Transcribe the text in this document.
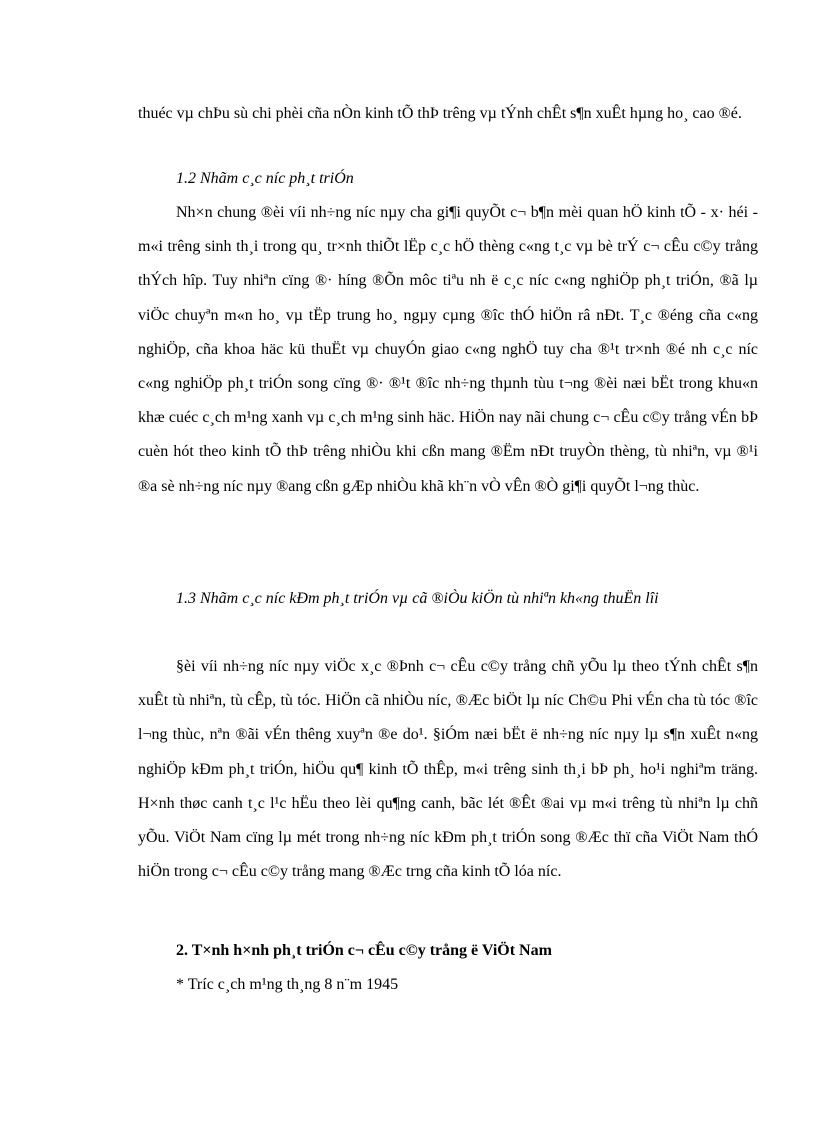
thuéc vµ chÞu sù chi phèi cña nÒn kinh tÕ thÞ trêng vµ tÝnh chÊt s¶n xuÊt hµng ho¸ cao ®é.

1.2 Nhãm c¸c níc ph¸t triÓn

Nh×n chung ®èi víi nh÷ng níc nµy cha gi¶i quyÕt c¬ b¶n mèi quan hÖ kinh tÕ - x· héi - m«i trêng sinh th¸i trong qu¸ tr×nh thiÕt lËp c¸c hÖ thèng c«ng t¸c vµ bè trÝ c¬ cÊu c©y trång thÝch hîp. Tuy nhiªn cïng ®· híng ®Õn môc tiªu nh ë c¸c níc c«ng nghiÖp ph¸t triÓn, ®ã lµ viÖc chuyªn m«n ho¸ vµ tËp trung ho¸ ngµy cµng ®îc thÓ hiÖn râ nÐt. T¸c ®éng cña c«ng nghiÖp, cña khoa häc kü thuËt vµ chuyÓn giao c«ng nghÖ tuy cha ®¹t tr×nh ®é nh c¸c níc c«ng nghiÖp ph¸t triÓn song cïng ®· ®¹t ®îc nh÷ng thµnh tùu t¬ng ®èi næi bËt trong khu«n khæ cuéc c¸ch m¹ng xanh vµ c¸ch m¹ng sinh häc. HiÖn nay nãi chung c¬ cÊu c©y trång vÉn bÞ cuèn hót theo kinh tÕ thÞ trêng nhiÒu khi cßn mang ®Ëm nÐt truyÒn thèng, tù nhiªn, vµ ®¹i ®a sè nh÷ng níc nµy ®ang cßn gÆp nhiÒu khã kh¨n vÒ vÊn ®Ò gi¶i quyÕt l¬ng thùc.

1.3 Nhãm c¸c níc kÐm ph¸t triÓn vµ cã ®iÒu kiÖn tù nhiªn kh«ng thuËn lîi

§èi víi nh÷ng níc nµy viÖc x¸c ®Þnh c¬ cÊu c©y trång chñ yÕu lµ theo tÝnh chÊt s¶n xuÊt tù nhiªn, tù cÊp, tù tóc. HiÖn cã nhiÒu níc, ®Æc biÖt lµ níc Ch©u Phi vÉn cha tù tóc ®îc l¬ng thùc, nªn ®ãi vÉn thêng xuyªn ®e do¹. §iÓm næi bËt ë nh÷ng níc nµy lµ s¶n xuÊt n«ng nghiÖp kÐm ph¸t triÓn, hiÖu qu¶ kinh tÕ thÊp, m«i trêng sinh th¸i bÞ ph¸ ho¹i nghiªm träng. H×nh thøc canh t¸c l¹c hËu theo lèi qu¶ng canh, bãc lét ®Êt ®ai vµ m«i trêng tù nhiªn lµ chñ yÕu. ViÖt Nam cïng lµ mét trong nh÷ng níc kÐm ph¸t triÓn song ®Æc thï cña ViÖt Nam thÓ hiÖn trong c¬ cÊu c©y trång mang ®Æc trng cña kinh tÕ lóa níc.

2. T×nh h×nh ph¸t triÓn c¬ cÊu c©y trång ë ViÖt Nam

* Tríc c¸ch m¹ng th¸ng 8 n¨m 1945
